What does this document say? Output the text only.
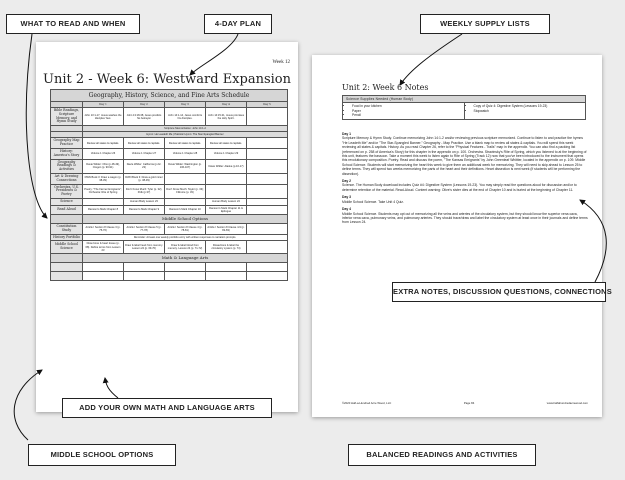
Week 12
Unit 2 - Week 6: Westward Expansion
Geography, History, Science, and Fine Arts Schedule					
	Day 1	Day 2	Day 3	Day 4	Day 5
Bible Readings, Scripture Memory, and Hymn Study	John 13:1-17, Jesus washes the disciples' feet.	John 13:18-38, Jesus predicts his betrayal.	John 14:1-14, Jesus comforts his disciples.	John 14:15-31, Jesus promises the Holy Spirit.	
	Scripture Memorization: John 14:1-2				
	Hymn: He Leadeth Me | Patriotic Hymn: The Star-Spangled Banner				
Geography Map Practice	Review all states & capitals.	Review all states & capitals.	Review all states & capitals.	Review all states & capitals.	
History: America's Story	Volume 1 Chapter 26	Volume 1 Chapter 27	Volume 1 Chapter 28	Volume 1 Chapter 29	
Geography Readings & Activities	Davie Wilder: Ohio (p.48-49), Oregon (p. 90-91)	Davie Wilder: California (p.22-23)	Davie Wilder: Washington (p. 106-107)	Davie Wilder: Alaska (p.16-17)	
Art & Drawing Connections	DWN Book 3: Draw a wagon (p. 38-39)	DWN Book 3: Draw a gold miner (p. 38-39)			
Orchestra, U.S. Presidents & Poetry	Poetry: "The Farmer Emigrants"; Orchestra: Rite of Spring	Don't Know Much: Tyler (p. 32); Polk (p.37)	Don't Know Much: Taylor (p. 33); Fillmore (p. 33)		
Science		Human Body Lesson 23		Human Body Lesson 24	
Read Aloud	Ransom's Mark Chapter 8	Ransom's Mark Chapter 9	Ransom's Mark Chapter 10	Ransom's Mark Chapter 11 & Epilogue	
	Middle School Options				
Constitution Study	Article I Section 8 Clause 3 (p. 75-76)	Article I Section 8 Clause 5 (p. 77-78)	Article I Section 8 Clause 4 (p. 78-81)	Article I Section 8 Clause 4-9 (p. 82-83)	
History Portfolio	Reminder: At least one weekly portfolio entry with written responses to narration prompts.				
Middle School Science	Draw bone & heart tissue (p. 68). Define terms from Lesson 23	Draw & label heart from memory. Lesson 24 (p. 69-70)	Draw & label blood from memory. Lesson 24 (p. 71-72)	Dissections & label the circulatory system (p. 74)	
	Math & Language Arts				

Unit 2: Week 6 Notes
Science Supplies Needed (Human Body)

• Food in your kitchen
• Paper
• Pencil

• Copy of Quiz 4: Digestive System (Lessons 19-23)
• Stopwatch
Day 1

Scripture Memory & Hymn Study. Continue memorizing John 14:1-2 and/or reviewing previous scripture memorized. Continue to listen to and practice the hymns "He Leadeth Me" and/or "The Star-Spangled Banner." Geography - Map Practice. Use a blank map to review all states & capitals. You will spend this week reviewing all states & capitals. History. As you read Chapter 26, refer to the "Physical Features - Trails" map in the appendix. You can also find a packing list (referenced on p. 258 of America's Story) for this chapter in the appendix on p. 100. Orchestra. Stravinsky's Rite of Spring, which you listened to at the beginning of this unit, features the bassoon. Take a moment this week to listen again to Rite of Spring (Track 12) now that you've been introduced to the instrument that opens this revolutionary composition. Poetry. Read and discuss the poem, "The Kansas Emigrants" by John Greenleaf Whittier, located in the appendix on p. 109. Middle School Science. Students will start memorizing the heart this week to give them an additional week for memorizing. They will need to skip ahead to Lesson 25 to define terms. They will spend two weeks memorizing the parts of the heart and their definitions. Heart dissection is next week (if students will be performing the dissection).

Day 2

Science. The Human Body download includes Quiz #4: Digestive System (Lessons 19-23). You may simply read the questions aloud for discussion and/or to determine retention of the material. Read-Aloud. Content warning: Olive's sister dies at the end of Chapter 10 and is buried at the beginning of Chapter 11.

Day 3

Middle School Science. Take Unit 4 Quiz.

Day 4

Middle School Science. Students may opt out of memorizing all the veins and arteries of the circulatory system, but they should know the superior vena cava, inferior vena cava, pulmonary veins, and pulmonary arteries. They should trace/draw and label the circulatory system at least once in their journals and define terms from Lesson 24.

©2020 Half-a-Hundred Acre Wood, LLC	Page 84	www.halfahundredacrewood.com
WHAT TO READ AND WHEN	4-DAY PLAN	WEEKLY SUPPLY LISTS
EXTRA NOTES, DISCUSSION QUESTIONS, CONNECTIONS
ADD YOUR OWN MATH AND LANGUAGE ARTS
MIDDLE SCHOOL OPTIONS	BALANCED READINGS AND ACTIVITIES
